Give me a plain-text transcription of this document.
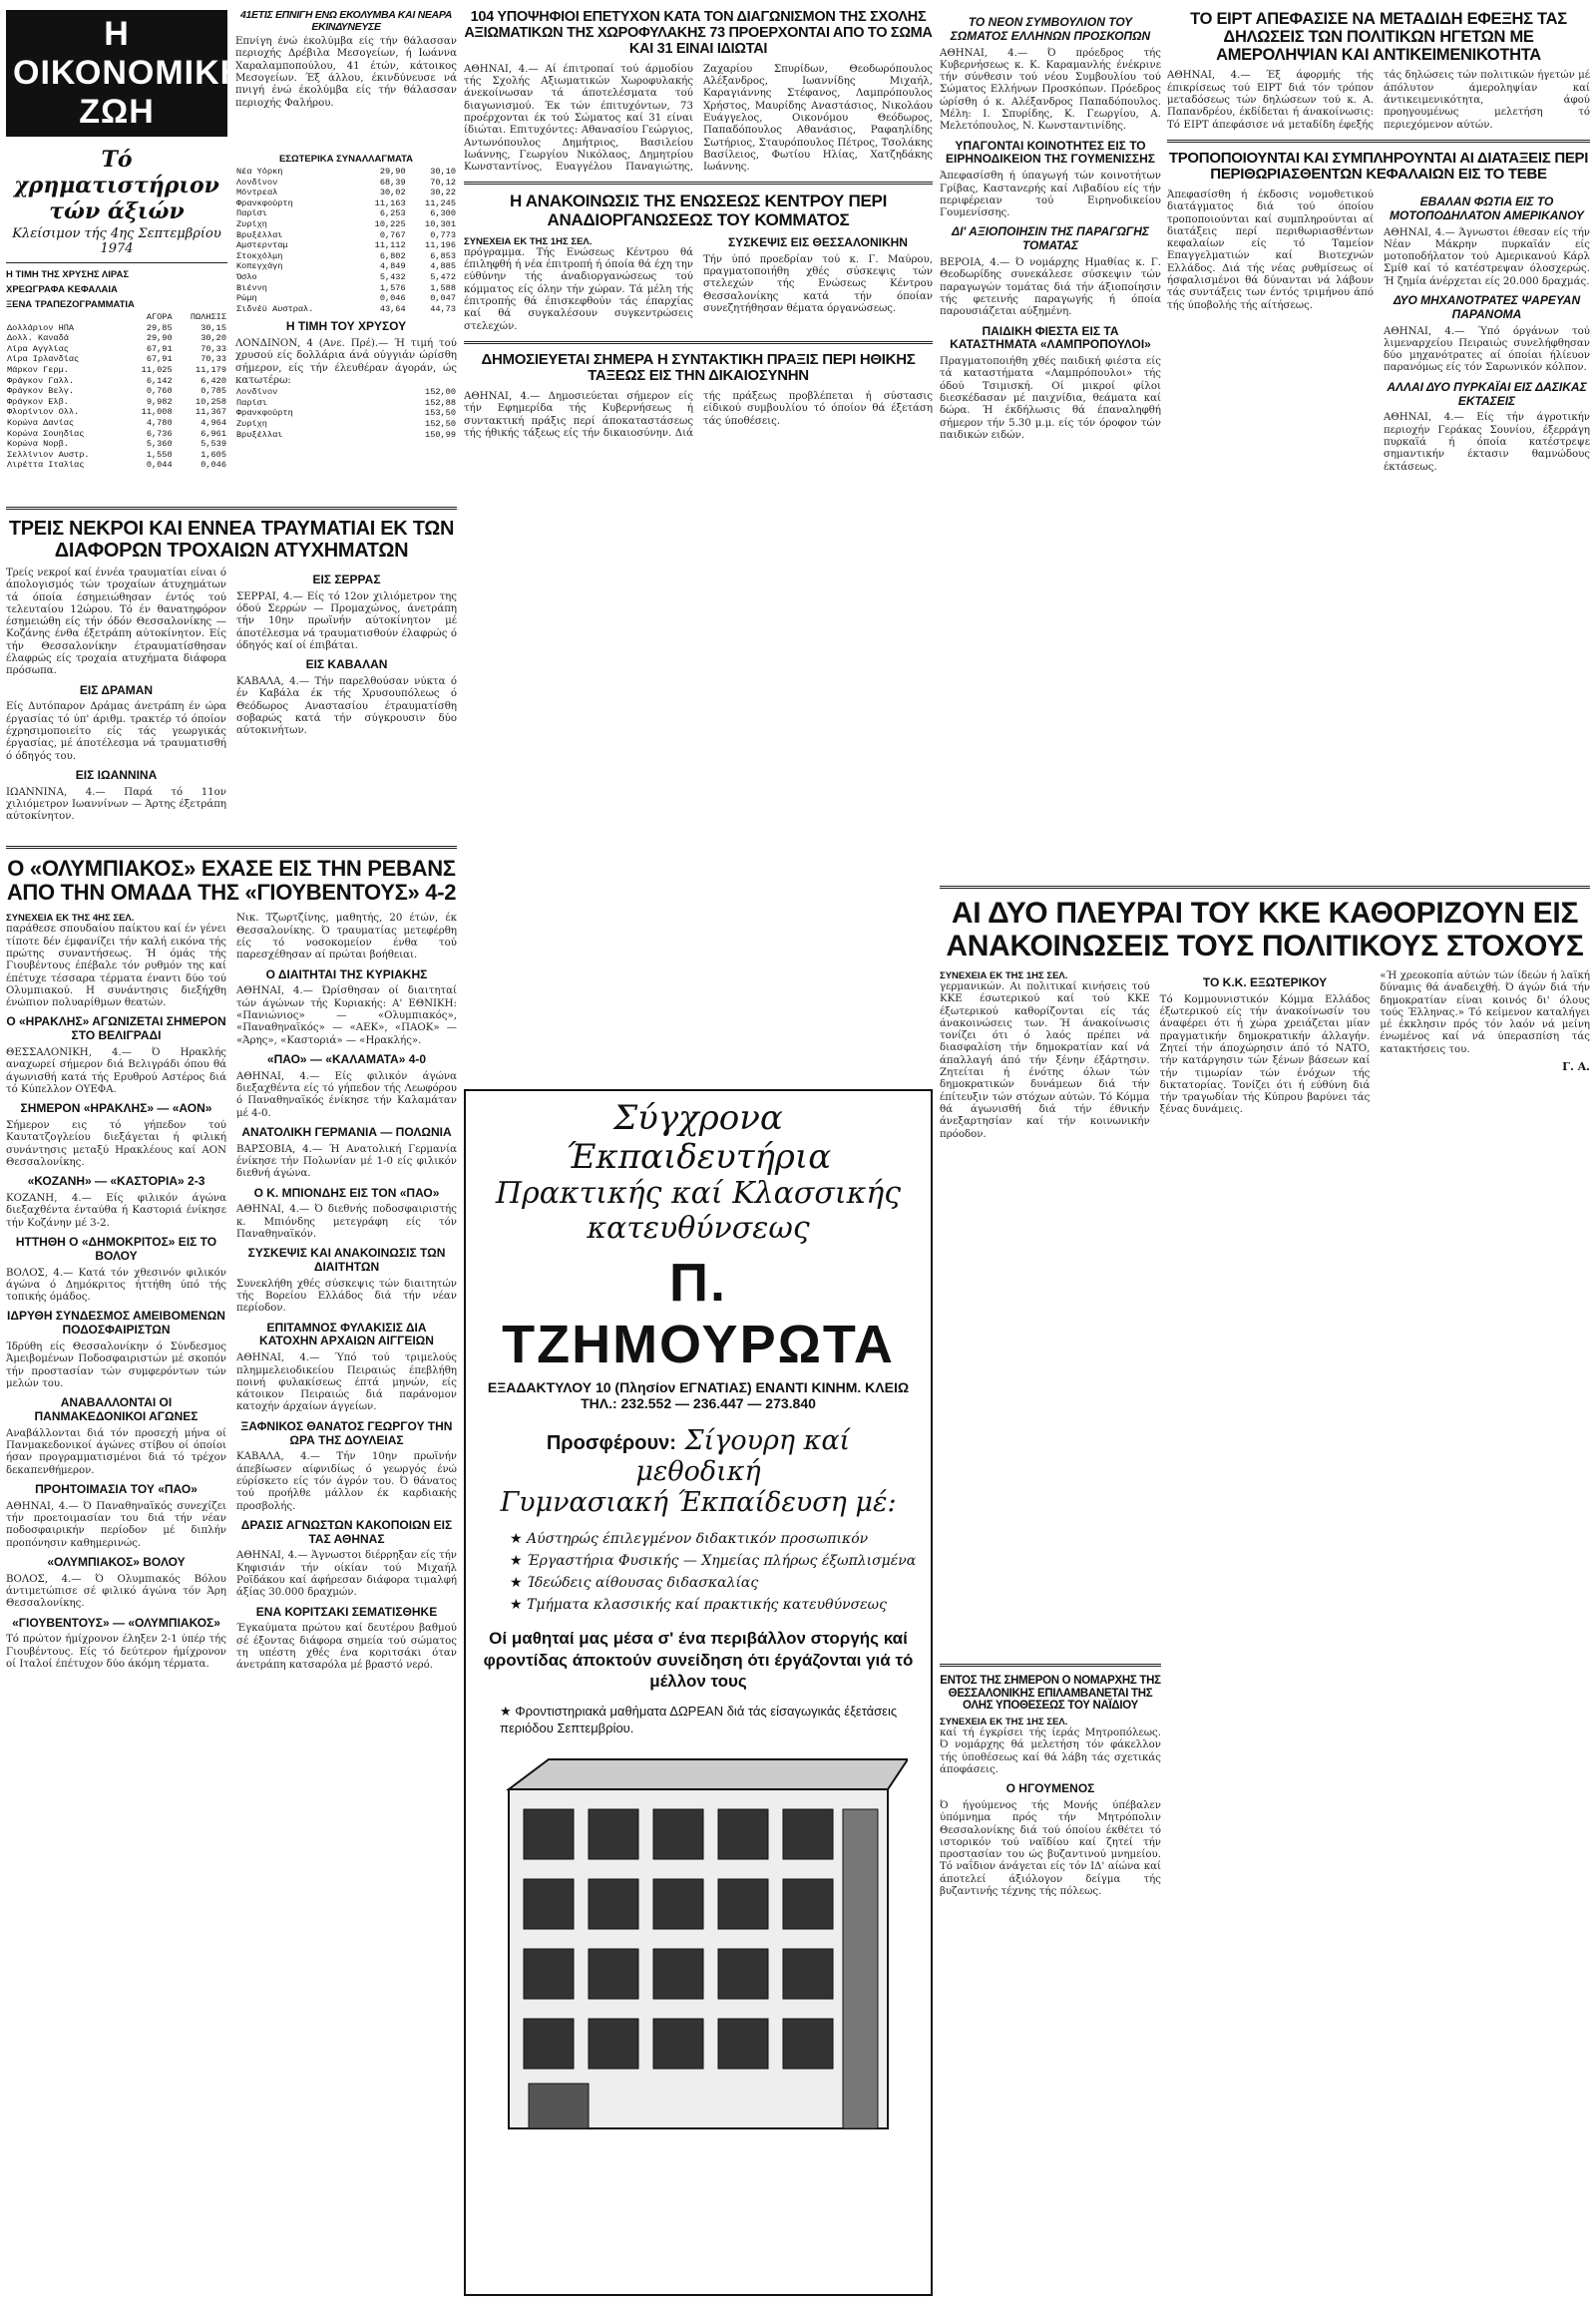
Η ΟΙΚΟΝΟΜΙΚΗ ΖΩΗ
Τό χρηματιστήριον τών άξιών
Κλείσιμον τής 4ης Σεπτεμβρίου 1974
Η ΤΙΜΗ ΤΗΣ ΧΡΥΣΗΣ ΛΙΡΑΣ
ΧΡΕΩΓΡΑΦΑ ΚΕΦΑΛΑΙΑ
ΞΕΝΑ ΤΡΑΠΕΖΟΓΡΑΜΜΑΤΙΑ
	ΑΓΟΡΑ	ΠΩΛΗΣΙΣ
Δολλάριον ΗΠΑ	29,85	30,15
Δολλ. Καναδά	29,90	30,20
Λίρα Αγγλίας	67,91	70,33
Λίρα Ιρλανδίας	67,91	70,33
Μάρκον Γερμ.	11,025	11,179
Φράγκον Γαλλ.	6,142	6,420
Φράγκον Βελγ.	0,760	0,785
Φράγκον Ελβ.	9,982	10,258
Φλορίνιον Ολλ.	11,008	11,367
Κορώνα Δανίας	4,780	4,964
Κορώνα Σουηδίας	6,736	6,961
Κορώνα Νορβ.	5,360	5,539
Σελλίνιον Αυστρ.	1,550	1,605
Λιρέττα Ιταλίας	0,044	0,046
ΕΣΩΤΕΡΙΚΑ ΣΥΝΑΛΛΑΓΜΑΤΑ
Νέα Υόρκη	29,90	30,10
Λονδίνον	68,39	70,12
Μόντρεαλ	30,02	30,22
Φρανκφούρτη	11,163	11,245
Παρίσι	6,253	6,300
Ζυρίχη	10,225	10,301
Βρυξέλλαι	0,767	0,773
Αμστερνταμ	11,112	11,196
Στοκχόλμη	6,802	6,853
Κοπεγχάγη	4,849	4,885
Όσλο	5,432	5,472
Βιέννη	1,576	1,588
Ρώμη	0,046	0,047
Σιδνέϋ Αυστραλ.	43,64	44,73
Η ΤΙΜΗ ΤΟΥ ΧΡΥΣΟΥ
ΛΟΝΔΙΝΟΝ, 4 (Ανε. Πρέ).— Ή τιμή τού χρυσού είς δολλάρια άνά ούγγιάν ώρίσθη σήμερον, είς τήν έλευθέραν άγοράν, ώς κατωτέρω:
Λονδίνον	152,00
Παρίσι	152,88
Φρανκφούρτη	153,50
Ζυρίχη	152,50
Βρυξέλλαι	150,99
ΤΡΕΙΣ ΝΕΚΡΟΙ ΚΑΙ ΕΝΝΕΑ ΤΡΑΥΜΑΤΙΑΙ ΕΚ ΤΩΝ ΔΙΑΦΟΡΩΝ ΤΡΟΧΑΙΩΝ ΑΤΥΧΗΜΑΤΩΝ
Τρείς νεκροί καί έννέα τραυματίαι είναι ό άπολογισμός τών τροχαίων άτυχημάτων τά όποία έσημειώθησαν έντός τού τελευταίου 12ώρου. Τό έν θανατηφόρον έσημειώθη είς τήν όδόν Θεσσαλονίκης — Κοζάνης ένθα έξετράπη αύτοκίνητον. Είς τήν Θεσσαλονίκην έτραυματίσθησαν έλαφρώς είς τροχαία ατυχήματα διάφορα πρόσωπα.
ΕΙΣ ΔΡΑΜΑΝ
Είς Δυτόπαρον Δράμας άνετράπη έν ώρα έργασίας τό ύπ' άριθμ. τρακτέρ τό όποίον έχρησιμοποιείτο είς τάς γεωργικάς έργασίας, μέ άποτέλεσμα νά τραυματισθή ό όδηγός του.
ΕΙΣ ΙΩΑΝΝΙΝΑ
ΙΩΑΝΝΙΝΑ, 4.— Παρά τό 11ον χιλιόμετρον Ιωαννίνων — Άρτης έξετράπη αύτοκίνητον.
ΕΙΣ ΣΕΡΡΑΣ
ΣΕΡΡΑΙ, 4.— Είς τό 12ον χιλιόμετρον της όδού Σερρών — Προμαχώνος, άνετράπη τήν 10ην πρωϊνήν αύτοκίνητον μέ άποτέλεσμα νά τραυματισθούν έλαφρώς ό όδηγός καί οί έπιβάται.
ΕΙΣ ΚΑΒΑΛΑΝ
ΚΑΒΑΛΑ, 4.— Τήν παρελθούσαν νύκτα ό έν Καβάλα έκ τής Χρυσουπόλεως ό Θεόδωρος Αναστασίου έτραυματίσθη σοβαρώς κατά τήν σύγκρουσιν δύο αύτοκινήτων.
41ΕΤΙΣ ΕΠΝΙΓΗ ΕΝΩ ΕΚΟΛΥΜΒΑ ΚΑΙ ΝΕΑΡΑ ΕΚΙΝΔΥΝΕΥΣΕ
Επνίγη ένώ έκολύμβα είς τήν θάλασσαν περιοχής Δρέβιλα Μεσογείων, ή Ιωάννα Χαραλαμποπούλου, 41 έτών, κάτοικος Μεσογείων. Έξ άλλου, έκινδύνευσε νά πνιγή ένώ έκολύμβα είς τήν θάλασσαν περιοχής Φαλήρου.
Ο «ΟΛΥΜΠΙΑΚΟΣ» ΕΧΑΣΕ ΕΙΣ ΤΗΝ ΡΕΒΑΝΣ ΑΠΟ ΤΗΝ ΟΜΑΔΑ ΤΗΣ «ΓΙΟΥΒΕΝΤΟΥΣ» 4-2
ΣΥΝΕΧΕΙΑ ΕΚ ΤΗΣ 4ΗΣ ΣΕΛ.
παράθεσε σπουδαίου παίκτου καί έν γένει τίποτε δέν έμφανίζει τήν καλή εικόνα τής πρώτης συναντήσεως. Ή όμάς τής Γιουβέντους έπέβαλε τόν ρυθμόν της καί έπέτυχε τέσσαρα τέρματα έναντι δύο τού Ολυμπιακού. Η συνάντησις διεξήχθη ένώπιον πολυαρίθμων θεατών.
Ο «ΗΡΑΚΛΗΣ» ΑΓΩΝΙΖΕΤΑΙ ΣΗΜΕΡΟΝ ΣΤΟ ΒΕΛΙΓΡΑΔΙ
ΘΕΣΣΑΛΟΝΙΚΗ, 4.— Ό Ηρακλής αναχωρεί σήμερον διά Βελιγράδι όπου θά άγωνισθή κατά τής Ερυθρού Αστέρος διά τό Κύπελλον ΟΥΕΦΑ.
ΣΗΜΕΡΟΝ «ΗΡΑΚΛΗΣ» — «ΑΟΝ»
Σήμερον εις τό γήπεδον τού Καυτατζογλείου διεξάγεται ή φιλική συνάντησις μεταξύ Ηρακλέους καί ΑΟΝ Θεσσαλονίκης.
«ΚΟΖΑΝΗ» — «ΚΑΣΤΟΡΙΑ» 2-3
ΚΟΖΑΝΗ, 4.— Είς φιλικόν άγώνα διεξαχθέντα ένταύθα ή Καστοριά ένίκησε τήν Κοζάνην μέ 3-2.
ΗΤΤΗΘΗ Ο «ΔΗΜΟΚΡΙΤΟΣ» ΕΙΣ ΤΟ ΒΟΛΟΥ
ΒΟΛΟΣ, 4.— Κατά τόν χθεσινόν φιλικόν άγώνα ό Δημόκριτος ήττήθη ύπό τής τοπικής όμάδος.
ΙΔΡΥΘΗ ΣΥΝΔΕΣΜΟΣ ΑΜΕΙΒΟΜΕΝΩΝ ΠΟΔΟΣΦΑΙΡΙΣΤΩΝ
Ίδρύθη είς Θεσσαλονίκην ό Σύνδεσμος Άμειβομένων Ποδοσφαιριστών μέ σκοπόν τήν προστασίαν τών συμφερόντων τών μελών του.
ΑΝΑΒΑΛΛΟΝΤΑΙ ΟΙ ΠΑΝΜΑΚΕΔΟΝΙΚΟΙ ΑΓΩΝΕΣ
Αναβάλλονται διά τόν προσεχή μήνα οί Πανμακεδονικοί άγώνες στίβου οί όποίοι ήσαν προγραμματισμένοι διά τό τρέχον δεκαπενθήμερον.
ΠΡΟΗΤΟΙΜΑΣΙΑ ΤΟΥ «ΠΑΟ»
ΑΘΗΝΑΙ, 4.— Ό Παναθηναϊκός συνεχίζει τήν προετοιμασίαν του διά τήν νέαν ποδοσφαιρικήν περίοδον μέ διπλήν προπόνησιν καθημερινώς.
«ΟΛΥΜΠΙΑΚΟΣ» ΒΟΛΟΥ
ΒΟΛΟΣ, 4.— Ό Ολυμπιακός Βόλου άντιμετώπισε σέ φιλικό άγώνα τόν Άρη Θεσσαλονίκης.
«ΓΙΟΥΒΕΝΤΟΥΣ» — «ΟΛΥΜΠΙΑΚΟΣ»
Τό πρώτον ήμίχρονον έληξεν 2-1 ύπέρ τής Γιουβέντους. Είς τό δεύτερον ήμίχρονον οί Ιταλοί έπέτυχον δύο άκόμη τέρματα.
Νικ. Τζωρτζίνης, μαθητής, 20 έτών, έκ Θεσσαλονίκης. Ό τραυματίας μετεφέρθη είς τό νοσοκομείον ένθα τού παρεσχέθησαν αί πρώται βοήθειαι.
Ο ΔΙΑΙΤΗΤΑΙ ΤΗΣ ΚΥΡΙΑΚΗΣ
ΑΘΗΝΑΙ, 4.— Ώρίσθησαν οί διαιτηταί τών άγώνων τής Κυριακής: Α' ΕΘΝΙΚΗ: «Πανιώνιος» — «Ολυμπιακός», «Παναθηναϊκός» — «ΑΕΚ», «ΠΑΟΚ» — «Άρης», «Καστοριά» — «Ηρακλής».
«ΠΑΟ» — «ΚΑΛΑΜΑΤΑ» 4-0
ΑΘΗΝΑΙ, 4.— Είς φιλικόν άγώνα διεξαχθέντα είς τό γήπεδον τής Λεωφόρου ό Παναθηναϊκός ένίκησε τήν Καλαμάταν μέ 4-0.
ΑΝΑΤΟΛΙΚΗ ΓΕΡΜΑΝΙΑ — ΠΟΛΩΝΙΑ
ΒΑΡΣΟΒΙΑ, 4.— Ή Ανατολική Γερμανία ένίκησε τήν Πολωνίαν μέ 1-0 είς φιλικόν διεθνή άγώνα.
Ο Κ. ΜΠΙΟΝΔΗΣ ΕΙΣ ΤΟΝ «ΠΑΟ»
ΑΘΗΝΑΙ, 4.— Ό διεθνής ποδοσφαιριστής κ. Μπιόνδης μετεγράφη είς τόν Παναθηναϊκόν.
ΣΥΣΚΕΨΙΣ ΚΑΙ ΑΝΑΚΟΙΝΩΣΙΣ ΤΩΝ ΔΙΑΙΤΗΤΩΝ
Συνεκλήθη χθές σύσκεψις τών διαιτητών τής Βορείου Ελλάδος διά τήν νέαν περίοδον.
ΕΠΙΤΑΜΝΟΣ ΦΥΛΑΚΙΣΙΣ ΔΙΑ ΚΑΤΟΧΗΝ ΑΡΧΑΙΩΝ ΑΙΓΓΕΙΩΝ
ΑΘΗΝΑΙ, 4.— Ύπό τού τριμελούς πλημμελειοδικείου Πειραιώς έπεβλήθη ποινή φυλακίσεως έπτά μηνών, είς κάτοικον Πειραιώς διά παράνομον κατοχήν άρχαίων άγγείων.
ΞΑΦΝΙΚΟΣ ΘΑΝΑΤΟΣ ΓΕΩΡΓΟΥ ΤΗΝ ΩΡΑ ΤΗΣ ΔΟΥΛΕΙΑΣ
ΚΑΒΑΛΑ, 4.— Τήν 10ην πρωϊνήν άπεβίωσεν αίφνιδίως ό γεωργός ένώ εύρίσκετο είς τόν άγρόν του. Ό θάνατος τού προήλθε μάλλον έκ καρδιακής προσβολής.
ΔΡΑΣΙΣ ΑΓΝΩΣΤΩΝ ΚΑΚΟΠΟΙΩΝ ΕΙΣ ΤΑΣ ΑΘΗΝΑΣ
ΑΘΗΝΑΙ, 4.— Άγνωστοι διέρρηξαν είς τήν Κηφισιάν τήν οίκίαν τού Μιχαήλ Ροϊδάκου καί άφήρεσαν διάφορα τιμαλφή άξίας 30.000 δραχμών.
ΕΝΑ ΚΟΡΙΤΣΑΚΙ ΣΕΜΑΤΙΣΘΗΚΕ
Έγκαύματα πρώτου καί δευτέρου βαθμού σέ έξοντας διάφορα σημεία τού σώματος τη υπέστη χθές ένα κοριτσάκι όταν άνετράπη κατσαρόλα μέ βραστό νερό.
104 ΥΠΟΨΗΦΙΟΙ ΕΠΕΤΥΧΟΝ ΚΑΤΑ ΤΟΝ ΔΙΑΓΩΝΙΣΜΟΝ ΤΗΣ ΣΧΟΛΗΣ ΑΞΙΩΜΑΤΙΚΩΝ ΤΗΣ ΧΩΡΟΦΥΛΑΚΗΣ 73 ΠΡΟΕΡΧΟΝΤΑΙ ΑΠΟ ΤΟ ΣΩΜΑ ΚΑΙ 31 ΕΙΝΑΙ ΙΔΙΩΤΑΙ
ΑΘΗΝΑΙ, 4.— Αί έπιτροπαί τού άρμοδίου τής Σχολής Αξιωματικών Χωροφυλακής άνεκοίνωσαν τά άποτελέσματα τού διαγωνισμού. Έκ τών έπιτυχόντων, 73 προέρχονται έκ τού Σώματος καί 31 είναι ίδιώται. Επιτυχόντες: Αθανασίου Γεώργιος, Αντωνόπουλος Δημήτριος, Βασιλείου Ιωάννης, Γεωργίου Νικόλαος, Δημητρίου Κωνσταντίνος, Ευαγγέλου Παναγιώτης, Ζαχαρίου Σπυρίδων, Θεοδωρόπουλος Αλέξανδρος, Ιωαννίδης Μιχαήλ, Καραγιάννης Στέφανος, Λαμπρόπουλος Χρήστος, Μαυρίδης Αναστάσιος, Νικολάου Ευάγγελος, Οικονόμου Θεόδωρος, Παπαδόπουλος Αθανάσιος, Ραφαηλίδης Σωτήριος, Σταυρόπουλος Πέτρος, Τσολάκης Βασίλειος, Φωτίου Ηλίας, Χατζηδάκης Ιωάννης.
Η ΑΝΑΚΟΙΝΩΣΙΣ ΤΗΣ ΕΝΩΣΕΩΣ ΚΕΝΤΡΟΥ ΠΕΡΙ ΑΝΑΔΙΟΡΓΑΝΩΣΕΩΣ ΤΟΥ ΚΟΜΜΑΤΟΣ
ΣΥΝΕΧΕΙΑ ΕΚ ΤΗΣ 1ΗΣ ΣΕΛ.
πρόγραμμα. Τής Ενώσεως Κέντρου θά έπιληφθή ή νέα έπιτροπή ή όποία θά έχη την εύθύνην τής άναδιοργανώσεως τού κόμματος είς όλην τήν χώραν. Τά μέλη τής έπιτροπής θά έπισκεφθούν τάς έπαρχίας καί θά συγκαλέσουν συγκεντρώσεις στελεχών.
ΣΥΣΚΕΨΙΣ ΕΙΣ ΘΕΣΣΑΛΟΝΙΚΗΝ
Τήν ύπό προεδρίαν τού κ. Γ. Μαύρου, πραγματοποιήθη χθές σύσκεψις τών στελεχών τής Ενώσεως Κέντρου Θεσσαλονίκης κατά τήν όποίαν συνεζητήθησαν θέματα όργανώσεως.
ΔΗΜΟΣΙΕΥΕΤΑΙ ΣΗΜΕΡΑ Η ΣΥΝΤΑΚΤΙΚΗ ΠΡΑΞΙΣ ΠΕΡΙ ΗΘΙΚΗΣ ΤΑΞΕΩΣ ΕΙΣ ΤΗΝ ΔΙΚΑΙΟΣΥΝΗΝ
ΑΘΗΝΑΙ, 4.— Δημοσιεύεται σήμερον είς τήν Εφημερίδα τής Κυβερνήσεως ή συντακτική πράξις περί άποκαταστάσεως τής ήθικής τάξεως είς τήν δικαιοσύνην. Διά τής πράξεως προβλέπεται ή σύστασις είδικού συμβουλίου τό όποίον θά έξετάση τάς ύποθέσεις.
Σύγχρονα Έκπαιδευτήρια
Πρακτικής καί Κλασσικής
κατευθύνσεως
Π. ΤΖΗΜΟΥΡΩΤΑ
ΕΞΑΔΑΚΤΥΛΟΥ 10 (Πλησίον ΕΓΝΑΤΙΑΣ) ΕΝΑΝΤΙ ΚΙΝΗΜ. ΚΛΕΙΩ
ΤΗΛ.: 232.552 — 236.447 — 273.840
Προσφέρουν: Σίγουρη καί μεθοδική
Γυμνασιακή Έκπαίδευση μέ:
★ Αύστηρώς έπιλεγμένον διδακτικόν προσωπικόν
★ Έργαστήρια Φυσικής — Χημείας πλήρως έξωπλισμένα
★ Ίδεώδεις αίθουσας διδασκαλίας
★ Τμήματα κλασσικής καί πρακτικής κατευθύνσεως
Οί μαθηταί μας μέσα σ' ένα περιβάλλον στοργής καί φροντίδας άποκτούν συνείδηση ότι έργάζονται γιά τό μέλλον τους
★ Φροντιστηριακά μαθήματα ΔΩΡΕΑΝ διά τάς είσαγωγικάς έξετάσεις περιόδου Σεπτεμβρίου.
ΤΟ ΝΕΟΝ ΣΥΜΒΟΥΛΙΟΝ ΤΟΥ ΣΩΜΑΤΟΣ ΕΛΛΗΝΩΝ ΠΡΟΣΚΟΠΩΝ
ΑΘΗΝΑΙ, 4.— Ό πρόεδρος τής Κυβερνήσεως κ. Κ. Καραμανλής ένέκρινε τήν σύνθεσιν τού νέου Συμβουλίου τού Σώματος Ελλήνων Προσκόπων. Πρόεδρος ώρίσθη ό κ. Αλέξανδρος Παπαδόπουλος. Μέλη: Ι. Σπυρίδης, Κ. Γεωργίου, Α. Μελετόπουλος, Ν. Κωνσταντινίδης.
ΥΠΑΓΟΝΤΑΙ ΚΟΙΝΟΤΗΤΕΣ ΕΙΣ ΤΟ ΕΙΡΗΝΟΔΙΚΕΙΟΝ ΤΗΣ ΓΟΥΜΕΝΙΣΣΗΣ
Άπεφασίσθη ή ύπαγωγή τών κοινοτήτων Γρίβας, Καστανερής καί Λιβαδίου είς τήν περιφέρειαν τού Ειρηνοδικείου Γουμενίσσης.
ΔΙ' ΑΞΙΟΠΟΙΗΣΙΝ ΤΗΣ ΠΑΡΑΓΩΓΗΣ ΤΟΜΑΤΑΣ
ΒΕΡΟΙΑ, 4.— Ό νομάρχης Ημαθίας κ. Γ. Θεοδωρίδης συνεκάλεσε σύσκεψιν τών παραγωγών τομάτας διά τήν άξιοποίησιν τής φετεινής παραγωγής ή όποία παρουσιάζεται αύξημένη.
ΠΑΙΔΙΚΗ ΦΙΕΣΤΑ ΕΙΣ ΤΑ ΚΑΤΑΣΤΗΜΑΤΑ «ΛΑΜΠΡΟΠΟΥΛΟΙ»
Πραγματοποιήθη χθές παιδική φιέστα είς τά καταστήματα «Λαμπρόπουλοι» τής όδού Τσιμισκή. Οί μικροί φίλοι διεσκέδασαν μέ παιχνίδια, θεάματα καί δώρα. Ή έκδήλωσις θά έπαναληφθή σήμερον τήν 5.30 μ.μ. είς τόν όροφον τών παιδικών ειδών.
ΤΟ ΕΙΡΤ ΑΠΕΦΑΣΙΣΕ ΝΑ ΜΕΤΑΔΙΔΗ ΕΦΕΞΗΣ ΤΑΣ ΔΗΛΩΣΕΙΣ ΤΩΝ ΠΟΛΙΤΙΚΩΝ ΗΓΕΤΩΝ ΜΕ ΑΜΕΡΟΛΗΨΙΑΝ ΚΑΙ ΑΝΤΙΚΕΙΜΕΝΙΚΟΤΗΤΑ
ΑΘΗΝΑΙ, 4.— Έξ άφορμής τής έπικρίσεως τού ΕΙΡΤ διά τόν τρόπον μεταδόσεως τών δηλώσεων τού κ. Α. Παπανδρέου, έκδίδεται ή άνακοίνωσις: Τό ΕΙΡΤ άπεφάσισε νά μεταδίδη έφεξής τάς δηλώσεις τών πολιτικών ήγετών μέ άπόλυτον άμεροληψίαν καί άντικειμενικότητα, άφού προηγουμένως μελετήση τό περιεχόμενον αύτών.
ΤΡΟΠΟΠΟΙΟΥΝΤΑΙ ΚΑΙ ΣΥΜΠΛΗΡΟΥΝΤΑΙ ΑΙ ΔΙΑΤΑΞΕΙΣ ΠΕΡΙ ΠΕΡΙΘΩΡΙΑΣΘΕΝΤΩΝ ΚΕΦΑΛΑΙΩΝ ΕΙΣ ΤΟ ΤΕΒΕ
Άπεφασίσθη ή έκδοσις νομοθετικού διατάγματος διά τού όποίου τροποποιούνται καί συμπληρούνται αί διατάξεις περί περιθωριασθέντων κεφαλαίων είς τό Ταμείον Επαγγελματιών καί Βιοτεχνών Ελλάδος. Διά τής νέας ρυθμίσεως οί ήσφαλισμένοι θά δύνανται νά λάβουν τάς συντάξεις των έντός τριμήνου άπό τής ύποβολής τής αίτήσεως.
ΕΒΑΛΑΝ ΦΩΤΙΑ ΕΙΣ ΤΟ ΜΟΤΟΠΟΔΗΛΑΤΟΝ ΑΜΕΡΙΚΑΝΟΥ
ΑΘΗΝΑΙ, 4.— Άγνωστοι έθεσαν είς τήν Νέαν Μάκρην πυρκαϊάν είς μοτοποδήλατον τού Αμερικανού Κάρλ Σμίθ καί τό κατέστρεψαν όλοσχερώς. Ή ζημία άνέρχεται είς 20.000 δραχμάς.
ΔΥΟ ΜΗΧΑΝΟΤΡΑΤΕΣ ΨΑΡΕΥΑΝ ΠΑΡΑΝΟΜΑ
ΑΘΗΝΑΙ, 4.— Ύπό όργάνων τού λιμεναρχείου Πειραιώς συνελήφθησαν δύο μηχανότρατες αί όποίαι ήλίευον παρανόμως είς τόν Σαρωνικόν κόλπον.
ΑΛΛΑΙ ΔΥΟ ΠΥΡΚΑΪΑΙ ΕΙΣ ΔΑΣΙΚΑΣ ΕΚΤΑΣΕΙΣ
ΑΘΗΝΑΙ, 4.— Είς τήν άγροτικήν περιοχήν Γεράκας Σουνίου, έξερράγη πυρκαϊά ή όποία κατέστρεψε σημαντικήν έκτασιν θαμνώδους έκτάσεως.
ΑΙ ΔΥΟ ΠΛΕΥΡΑΙ ΤΟΥ ΚΚΕ ΚΑΘΟΡΙΖΟΥΝ ΕΙΣ ΑΝΑΚΟΙΝΩΣΕΙΣ ΤΟΥΣ ΠΟΛΙΤΙΚΟΥΣ ΣΤΟΧΟΥΣ
ΣΥΝΕΧΕΙΑ ΕΚ ΤΗΣ 1ΗΣ ΣΕΛ.
γερμανικών. Αι πολιτικαί κινήσεις τού ΚΚΕ έσωτερικού καί τού ΚΚΕ έξωτερικού καθορίζονται είς τάς άνακοινώσεις των. Ή άνακοίνωσις τονίζει ότι ό λαός πρέπει νά διασφαλίση τήν δημοκρατίαν καί νά άπαλλαγή άπό τήν ξένην έξάρτησιν. Ζητείται ή ένότης όλων τών δημοκρατικών δυνάμεων διά τήν έπίτευξιν τών στόχων αύτών. Τό Κόμμα θά άγωνισθή διά τήν έθνικήν άνεξαρτησίαν καί τήν κοινωνικήν πρόοδον.
ΤΟ Κ.Κ. ΕΞΩΤΕΡΙΚΟΥ
Τό Κομμουνιστικόν Κόμμα Ελλάδος έξωτερικού είς τήν άνακοίνωσίν του άναφέρει ότι ή χώρα χρειάζεται μίαν πραγματικήν δημοκρατικήν άλλαγήν. Ζητεί τήν άποχώρησιν άπό τό ΝΑΤΟ, τήν κατάργησιν τών ξένων βάσεων καί τήν τιμωρίαν τών ένόχων τής δικτατορίας. Τονίζει ότι ή εύθύνη διά τήν τραγωδίαν τής Κύπρου βαρύνει τάς ξένας δυνάμεις.
«Ή χρεοκοπία αύτών τών ίδεών ή λαϊκή δύναμις θά άναδειχθή. Ό άγών διά τήν δημοκρατίαν είναι κοινός δι' όλους τούς Έλληνας.» Τό κείμενον καταλήγει μέ έκκλησιν πρός τόν λαόν νά μείνη ένωμένος καί νά ύπερασπίση τάς κατακτήσεις του.
Γ. Α.
ΕΝΤΟΣ ΤΗΣ ΣΗΜΕΡΟΝ Ο ΝΟΜΑΡΧΗΣ ΤΗΣ ΘΕΣΣΑΛΟΝΙΚΗΣ ΕΠΙΛΑΜΒΑΝΕΤΑΙ ΤΗΣ ΟΛΗΣ ΥΠΟΘΕΣΕΩΣ ΤΟΥ ΝΑΪΔΙΟΥ
ΣΥΝΕΧΕΙΑ ΕΚ ΤΗΣ 1ΗΣ ΣΕΛ.
καί τή έγκρίσει τής ίεράς Μητροπόλεως. Ό νομάρχης θά μελετήση τόν φάκελλον τής ύποθέσεως καί θά λάβη τάς σχετικάς άποφάσεις.
Ο ΗΓΟΥΜΕΝΟΣ
Ό ήγούμενος τής Μονής ύπέβαλεν ύπόμνημα πρός τήν Μητρόπολιν Θεσσαλονίκης διά τού όποίου έκθέτει τό ιστορικόν τού ναϊδίου καί ζητεί τήν προστασίαν του ώς βυζαντινού μνημείου. Τό ναΐδιον άνάγεται είς τόν ΙΔ' αίώνα καί άποτελεί άξιόλογον δείγμα τής βυζαντινής τέχνης τής πόλεως.
